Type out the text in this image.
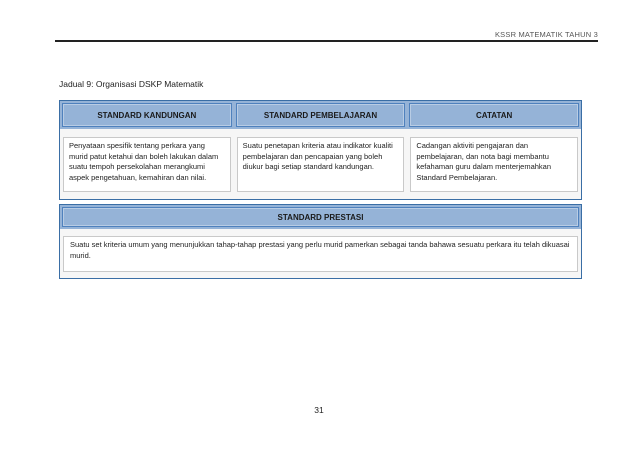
KSSR MATEMATIK TAHUN 3
Jadual 9: Organisasi DSKP Matematik
STANDARD KANDUNGAN	STANDARD PEMBELAJARAN	CATATAN
Penyataan spesifik tentang perkara yang murid patut ketahui dan boleh lakukan dalam suatu tempoh persekolahan merangkumi aspek pengetahuan, kemahiran dan nilai.
Suatu penetapan kriteria atau indikator kualiti pembelajaran dan pencapaian yang boleh diukur bagi setiap standard kandungan.
Cadangan aktiviti pengajaran dan pembelajaran, dan nota bagi membantu kefahaman guru dalam menterjemahkan Standard Pembelajaran.
STANDARD PRESTASI
Suatu set kriteria umum yang menunjukkan tahap-tahap prestasi yang perlu murid pamerkan sebagai tanda bahawa sesuatu perkara itu telah dikuasai murid.
31
